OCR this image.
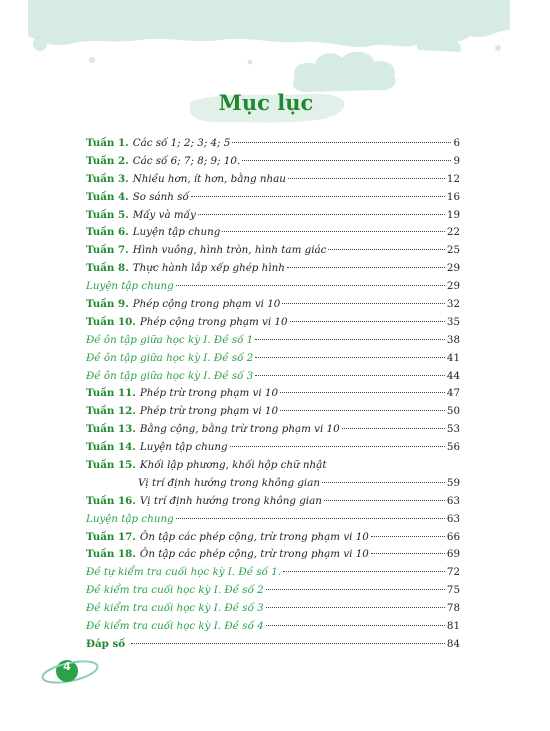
Mục lục
Tuần 1. Các số 1; 2; 3; 4; 5	6
Tuần 2. Các số 6; 7; 8; 9; 10.	9
Tuần 3. Nhiều hơn, ít hơn, bằng nhau	12
Tuần 4. So sánh số	16
Tuần 5. Mấy và mấy	19
Tuần 6. Luyện tập chung	22
Tuần 7. Hình vuông, hình tròn, hình tam giác	25
Tuần 8. Thực hành lắp xếp ghép hình	29
Luyện tập chung	29
Tuần 9. Phép cộng trong phạm vi 10	32
Tuần 10. Phép cộng trong phạm vi 10	35
Đề ôn tập giữa học kỳ I. Đề số 1	38
Đề ôn tập giữa học kỳ I. Đề số 2	41
Đề ôn tập giữa học kỳ I. Đề số 3	44
Tuần 11. Phép trừ trong phạm vi 10	47
Tuần 12. Phép trừ trong phạm vi 10	50
Tuần 13. Bằng cộng, bằng trừ trong phạm vi 10	53
Tuần 14. Luyện tập chung	56
Tuần 15. Khối lập phương, khối hộp chữ nhật
Vị trí định hướng trong không gian	59
Tuần 16. Vị trí định hướng trong không gian	63
Luyện tập chung	63
Tuần 17. Ôn tập các phép cộng, trừ trong phạm vi 10	66
Tuần 18. Ôn tập các phép cộng, trừ trong phạm vi 10	69
Đề tự kiểm tra cuối học kỳ I. Đề số 1.	72
Đề kiểm tra cuối học kỳ I. Đề số 2	75
Đề kiểm tra cuối học kỳ I. Đề số 3	78
Đề kiểm tra cuối học kỳ I. Đề số 4	81
Đáp số	84
4
